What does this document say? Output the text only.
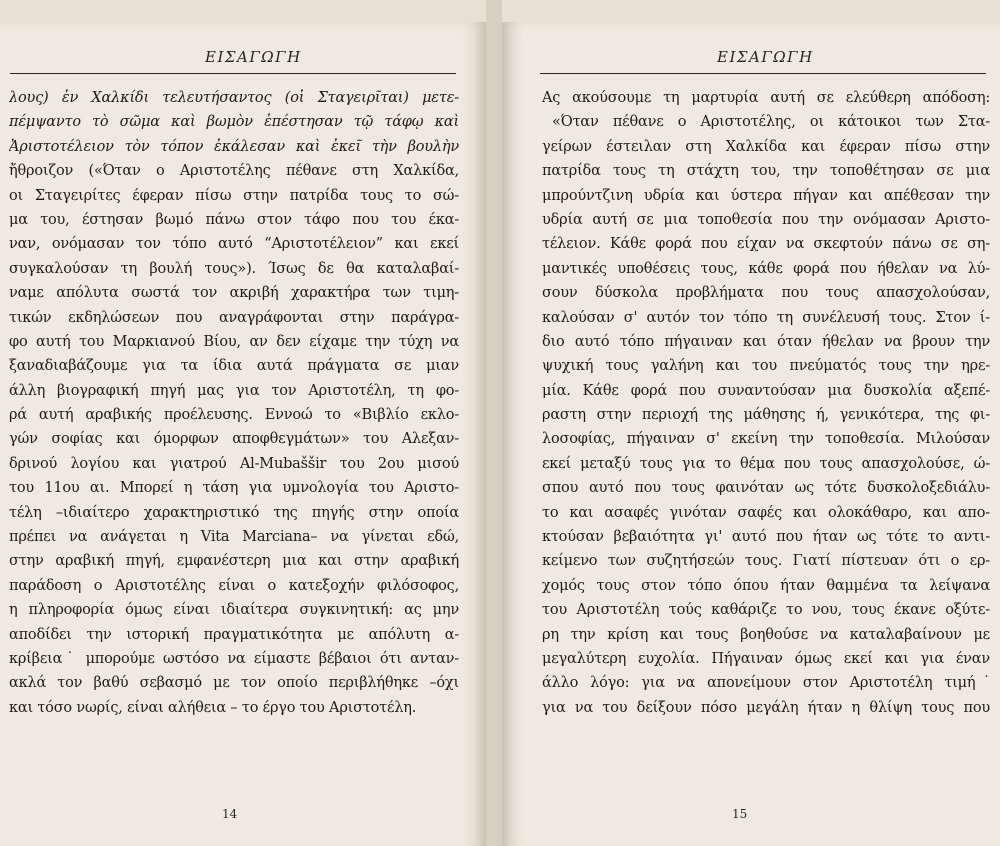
ΕΙΣΑΓΩΓΗ
λους) ἐν Χαλκίδι τελευτήσαντος (οἱ Σταγειρῖται) μετε-
πέμψαντο τὸ σῶμα καὶ βωμὸν ἐπέστησαν τῷ τάφῳ καὶ
Ἀριστοτέλειον τὸν τόπον ἐκάλεσαν καὶ ἐκεῖ τὴν βουλὴν
ἤθροιζον («Όταν ο Αριστοτέλης πέθανε στη Χαλκίδα,
οι Σταγειρίτες έφεραν πίσω στην πατρίδα τους το σώ-
μα του, έστησαν βωμό πάνω στον τάφο που του έκα-
ναν, ονόμασαν τον τόπο αυτό “Αριστοτέλειον” και εκεί
συγκαλούσαν τη βουλή τους»). Ίσως δε θα καταλαβαί-
ναμε απόλυτα σωστά τον ακριβή χαρακτήρα των τιμη-
τικών εκδηλώσεων που αναγράφονται στην παράγρα-
φο αυτή του Μαρκιανού Βίου, αν δεν είχαμε την τύχη να
ξαναδιαβάζουμε για τα ίδια αυτά πράγματα σε μιαν
άλλη βιογραφική πηγή μας για τον Αριστοτέλη, τη φο-
ρά αυτή αραβικής προέλευσης. Εννοώ το «Βιβλίο εκλο-
γών σοφίας και όμορφων αποφθεγμάτων» του Αλεξαν-
δρινού λογίου και γιατρού Al-Mubaššir του 2ου μισού
του 11ου αι. Μπορεί η τάση για υμνολογία του Αριστο-
τέλη –ιδιαίτερο χαρακτηριστικό της πηγής στην οποία
πρέπει να ανάγεται η Vita Marciana– να γίνεται εδώ,
στην αραβική πηγή, εμφανέστερη μια και στην αραβική
παράδοση ο Αριστοτέλης είναι ο κατεξοχήν φιλόσοφος,
η πληροφορία όμως είναι ιδιαίτερα συγκινητική: ας μην
αποδίδει την ιστορική πραγματικότητα με απόλυτη α-
κρίβεια˙ μπορούμε ωστόσο να είμαστε βέβαιοι ότι ανταν-
ακλά τον βαθύ σεβασμό με τον οποίο περιβλήθηκε –όχι
και τόσο νωρίς, είναι αλήθεια – το έργο του Αριστοτέλη.
14
ΕΙΣΑΓΩΓΗ
Ας ακούσουμε τη μαρτυρία αυτή σε ελεύθερη απόδοση:
«Όταν πέθανε ο Αριστοτέλης, οι κάτοικοι των Στα-
γείρων έστειλαν στη Χαλκίδα και έφεραν πίσω στην
πατρίδα τους τη στάχτη του, την τοποθέτησαν σε μια
μπρούντζινη υδρία και ύστερα πήγαν και απέθεσαν την
υδρία αυτή σε μια τοποθεσία που την ονόμασαν Αριστο-
τέλειον. Κάθε φορά που είχαν να σκεφτούν πάνω σε ση-
μαντικές υποθέσεις τους, κάθε φορά που ήθελαν να λύ-
σουν δύσκολα προβλήματα που τους απασχολούσαν,
καλούσαν σ' αυτόν τον τόπο τη συνέλευσή τους. Στον ί-
διο αυτό τόπο πήγαιναν και όταν ήθελαν να βρουν την
ψυχική τους γαλήνη και του πνεύματός τους την ηρε-
μία. Κάθε φορά που συναντούσαν μια δυσκολία αξεπέ-
ραστη στην περιοχή της μάθησης ή, γενικότερα, της φι-
λοσοφίας, πήγαιναν σ' εκείνη την τοποθεσία. Μιλούσαν
εκεί μεταξύ τους για το θέμα που τους απασχολούσε, ώ-
σπου αυτό που τους φαινόταν ως τότε δυσκολοξεδιάλυ-
το και ασαφές γινόταν σαφές και ολοκάθαρο, και απο-
κτούσαν βεβαιότητα γι' αυτό που ήταν ως τότε το αντι-
κείμενο των συζητήσεών τους. Γιατί πίστευαν ότι ο ερ-
χομός τους στον τόπο όπου ήταν θαμμένα τα λείψανα
του Αριστοτέλη τούς καθάριζε το νου, τους έκανε οξύτε-
ρη την κρίση και τους βοηθούσε να καταλαβαίνουν με
μεγαλύτερη ευχολία. Πήγαιναν όμως εκεί και για έναν
άλλο λόγο: για να απονείμουν στον Αριστοτέλη τιμή˙
για να του δείξουν πόσο μεγάλη ήταν η θλίψη τους που
15
